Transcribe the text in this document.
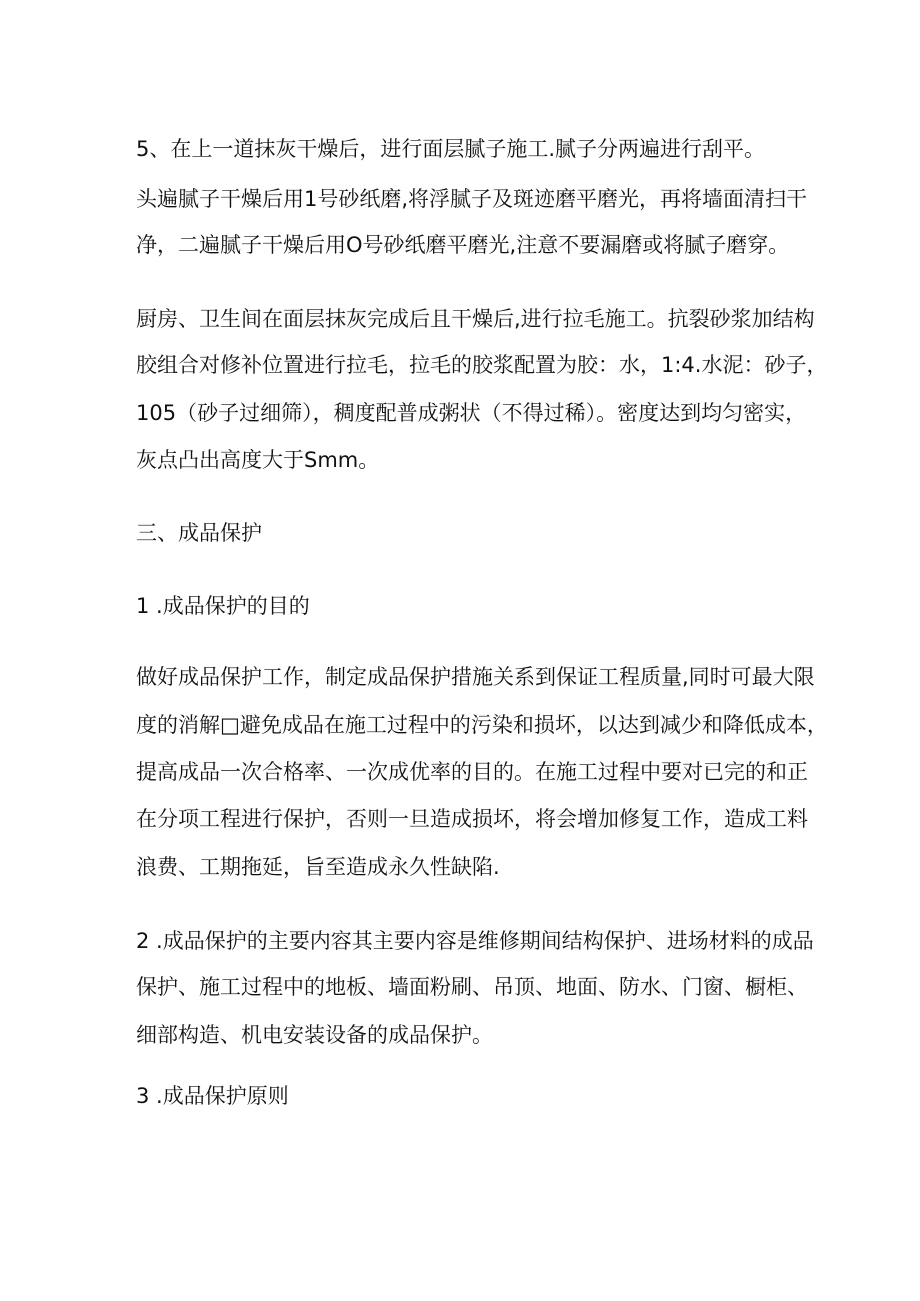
5、在上一道抹灰干燥后，进行面层腻子施工.腻子分两遍进行刮平。
头遍腻子干燥后用1号砂纸磨,将浮腻子及斑迹磨平磨光，再将墙面清扫干
净，二遍腻子干燥后用O号砂纸磨平磨光,注意不要漏磨或将腻子磨穿。
厨房、卫生间在面层抹灰完成后且干燥后,进行拉毛施工。抗裂砂浆加结构
胶组合对修补位置进行拉毛，拉毛的胶浆配置为胶：水，1:4.水泥：砂子，
105（砂子过细筛），稠度配普成粥状（不得过稀）。密度达到均匀密实，
灰点凸出高度大于Smm。
三、成品保护
1 .成品保护的目的
做好成品保护工作，制定成品保护措施关系到保证工程质量,同时可最大限
度的消解□避免成品在施工过程中的污染和损坏，以达到减少和降低成本，
提高成品一次合格率、一次成优率的目的。在施工过程中要对已完的和正
在分项工程进行保护，否则一旦造成损坏，将会增加修复工作，造成工料
浪费、工期拖延，旨至造成永久性缺陷.
2 .成品保护的主要内容其主要内容是维修期间结构保护、进场材料的成品
保护、施工过程中的地板、墙面粉刷、吊顶、地面、防水、门窗、橱柜、
细部构造、机电安装设备的成品保护。
3 .成品保护原则
